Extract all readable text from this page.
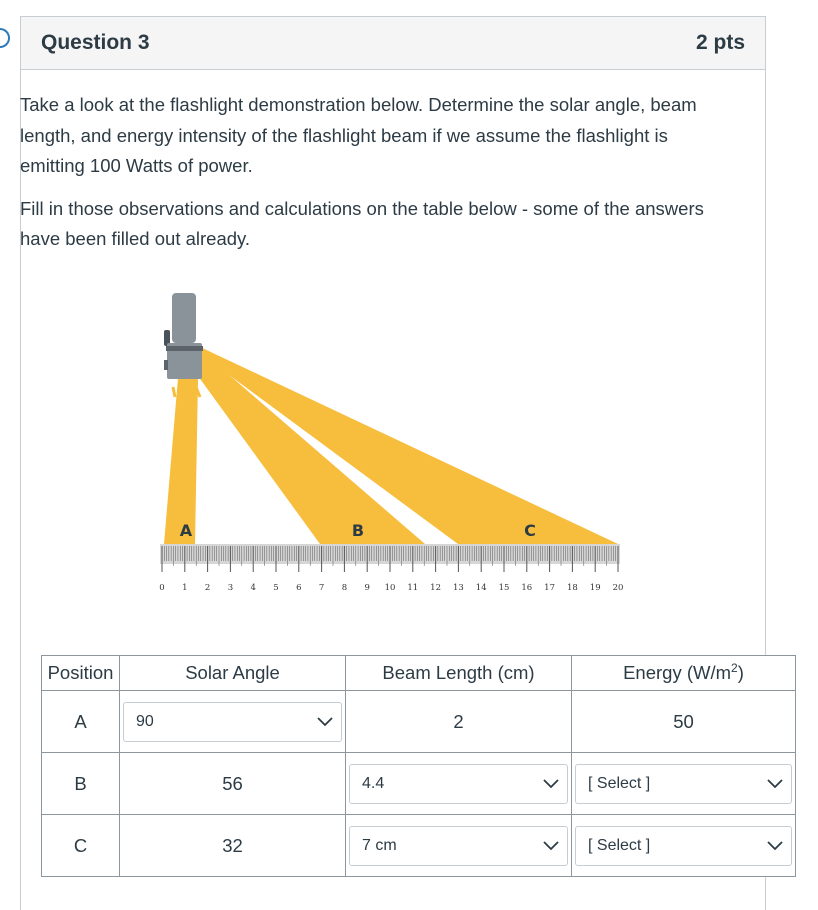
Question 3	2 pts

Take a look at the flashlight demonstration below. Determine the solar angle, beam length, and energy intensity of the flashlight beam if we assume the flashlight is emitting 100 Watts of power.

Fill in those observations and calculations on the table below - some of the answers have been filled out already.

A	B	C
0 1 2 3 4 5 6 7 8 9 10 11 12 13 14 15 16 17 18 19 20
Position	Solar Angle	Beam Length (cm)	Energy $(W/m^2)$
A	90	2	50
B	56	4.4	[ Select ]

C	32	7 cm	[ Select ]
